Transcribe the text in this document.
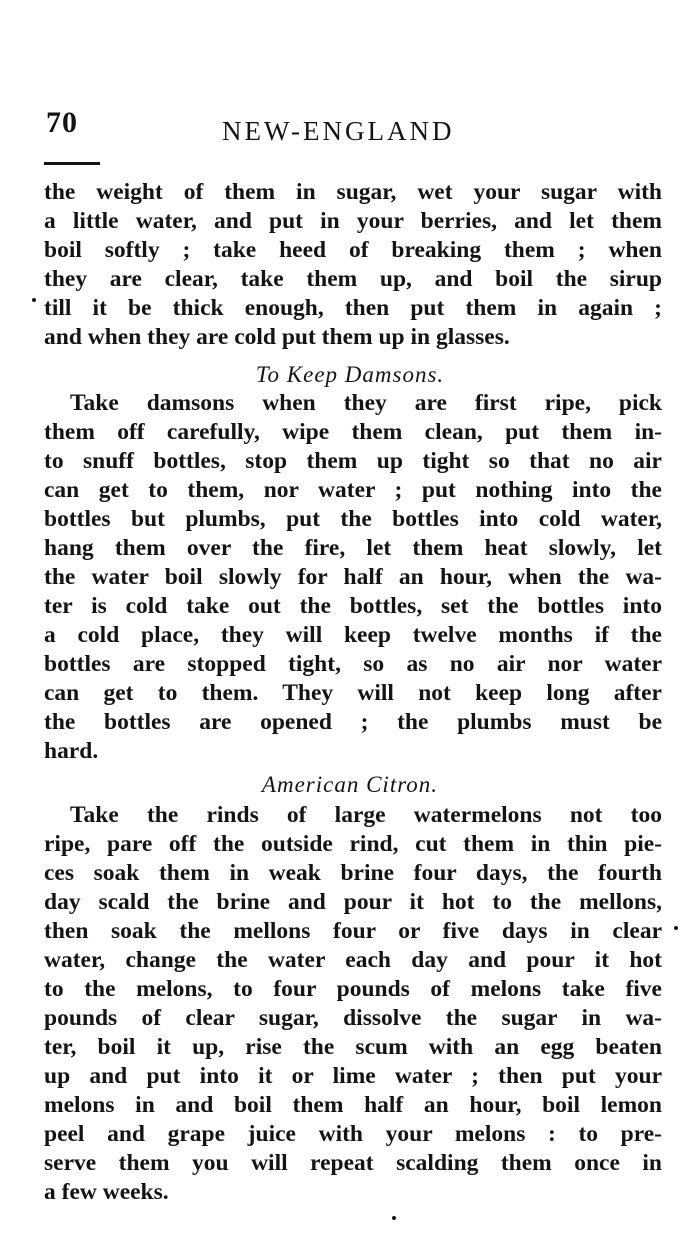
70	NEW-ENGLAND
the weight of them in sugar, wet your sugar with
a little water, and put in your berries, and let them
boil softly ; take heed of breaking them ; when
they are clear, take them up, and boil the sirup
till it be thick enough, then put them in again ;
and when they are cold put them up in glasses.
To Keep Damsons.
Take damsons when they are first ripe, pick
them off carefully, wipe them clean, put them in-
to snuff bottles, stop them up tight so that no air
can get to them, nor water ; put nothing into the
bottles but plumbs, put the bottles into cold water,
hang them over the fire, let them heat slowly, let
the water boil slowly for half an hour, when the wa-
ter is cold take out the bottles, set the bottles into
a cold place, they will keep twelve months if the
bottles are stopped tight, so as no air nor water
can get to them. They will not keep long after
the bottles are opened ; the plumbs must be
hard.
American Citron.
Take the rinds of large watermelons not too
ripe, pare off the outside rind, cut them in thin pie-
ces soak them in weak brine four days, the fourth
day scald the brine and pour it hot to the mellons,
then soak the mellons four or five days in clear
water, change the water each day and pour it hot
to the melons, to four pounds of melons take five
pounds of clear sugar, dissolve the sugar in wa-
ter, boil it up, rise the scum with an egg beaten
up and put into it or lime water ; then put your
melons in and boil them half an hour, boil lemon
peel and grape juice with your melons : to pre-
serve them you will repeat scalding them once in
a few weeks.
